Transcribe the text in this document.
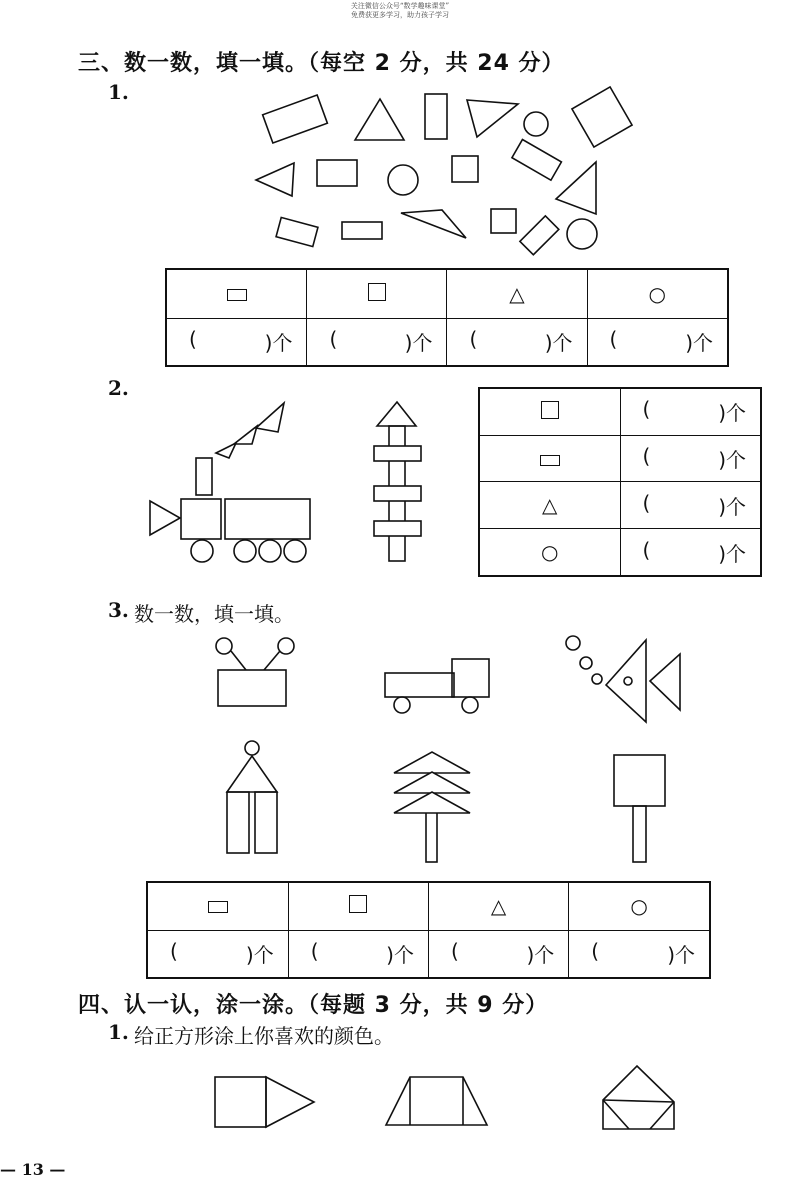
关注微信公众号“数学趣味课堂”
免费获更多学习，助力孩子学习
三、数一数，填一填。（每空 2 分，共 24 分）
1.
		△	○

( )个	( )个	( )个	( )个
2.

	( )个

	( )个

△	( )个

○	( )个
3. 数一数，填一填。
		△	○

( )个	( )个	( )个	( )个
四、认一认，涂一涂。（每题 3 分，共 9 分）
1. 给正方形涂上你喜欢的颜色。
— 13 —
